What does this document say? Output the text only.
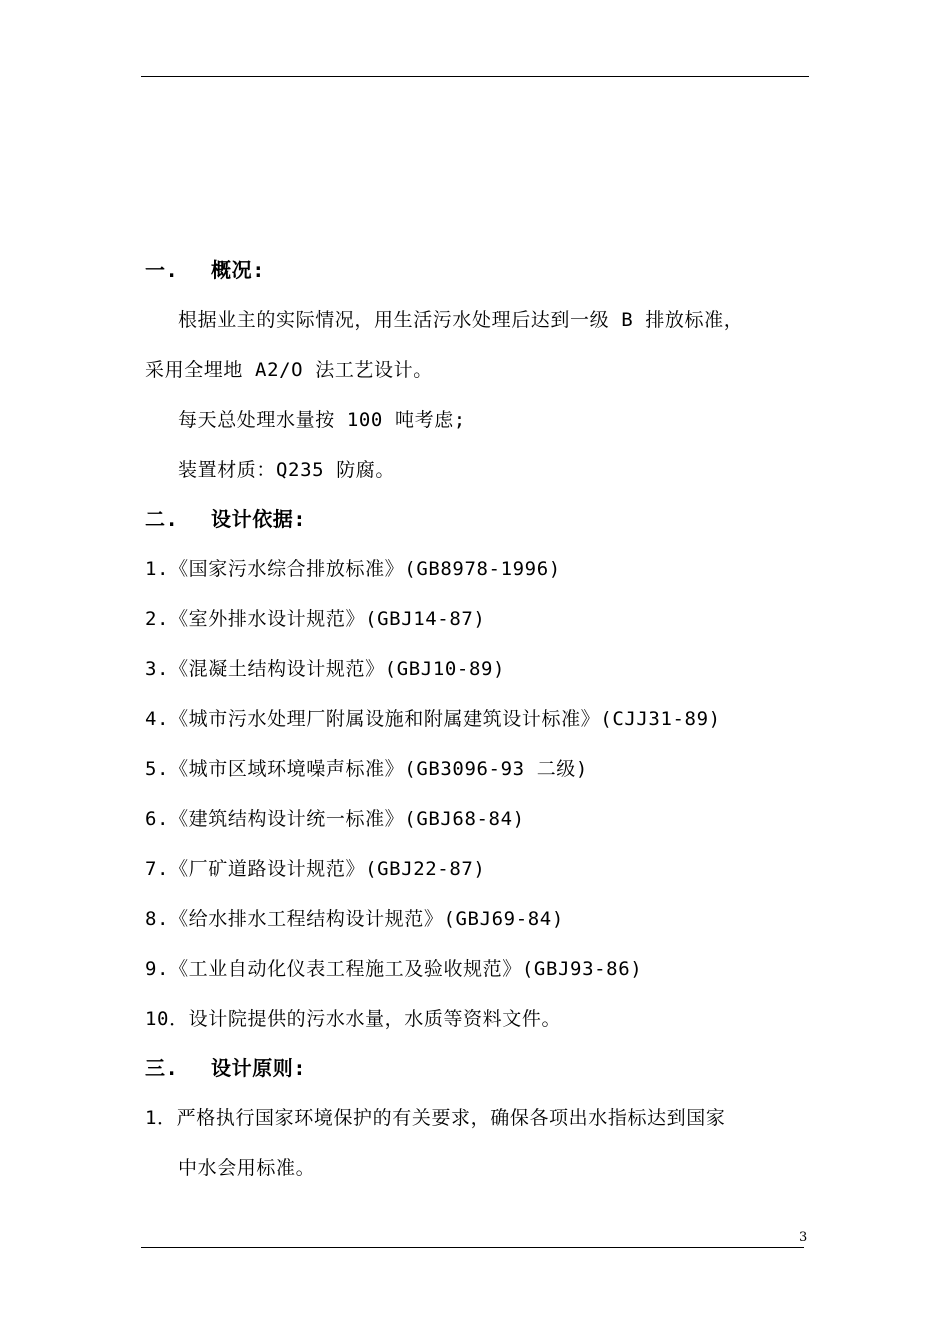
一. 概况:
根据业主的实际情况，用生活污水处理后达到一级 B 排放标准，
采用全埋地 A2/O 法工艺设计。
每天总处理水量按 100 吨考虑;
装置材质：Q235 防腐。
二. 设计依据:
1.《国家污水综合排放标准》(GB8978-1996)
2.《室外排水设计规范》(GBJ14-87)
3.《混凝土结构设计规范》(GBJ10-89)
4.《城市污水处理厂附属设施和附属建筑设计标准》(CJJ31-89)
5.《城市区域环境噪声标准》(GB3096-93 二级)
6.《建筑结构设计统一标准》(GBJ68-84)
7.《厂矿道路设计规范》(GBJ22-87)
8.《给水排水工程结构设计规范》(GBJ69-84)
9.《工业自动化仪表工程施工及验收规范》(GBJ93-86)
10．设计院提供的污水水量，水质等资料文件。
三. 设计原则:
1．严格执行国家环境保护的有关要求，确保各项出水指标达到国家
中水会用标准。
3
